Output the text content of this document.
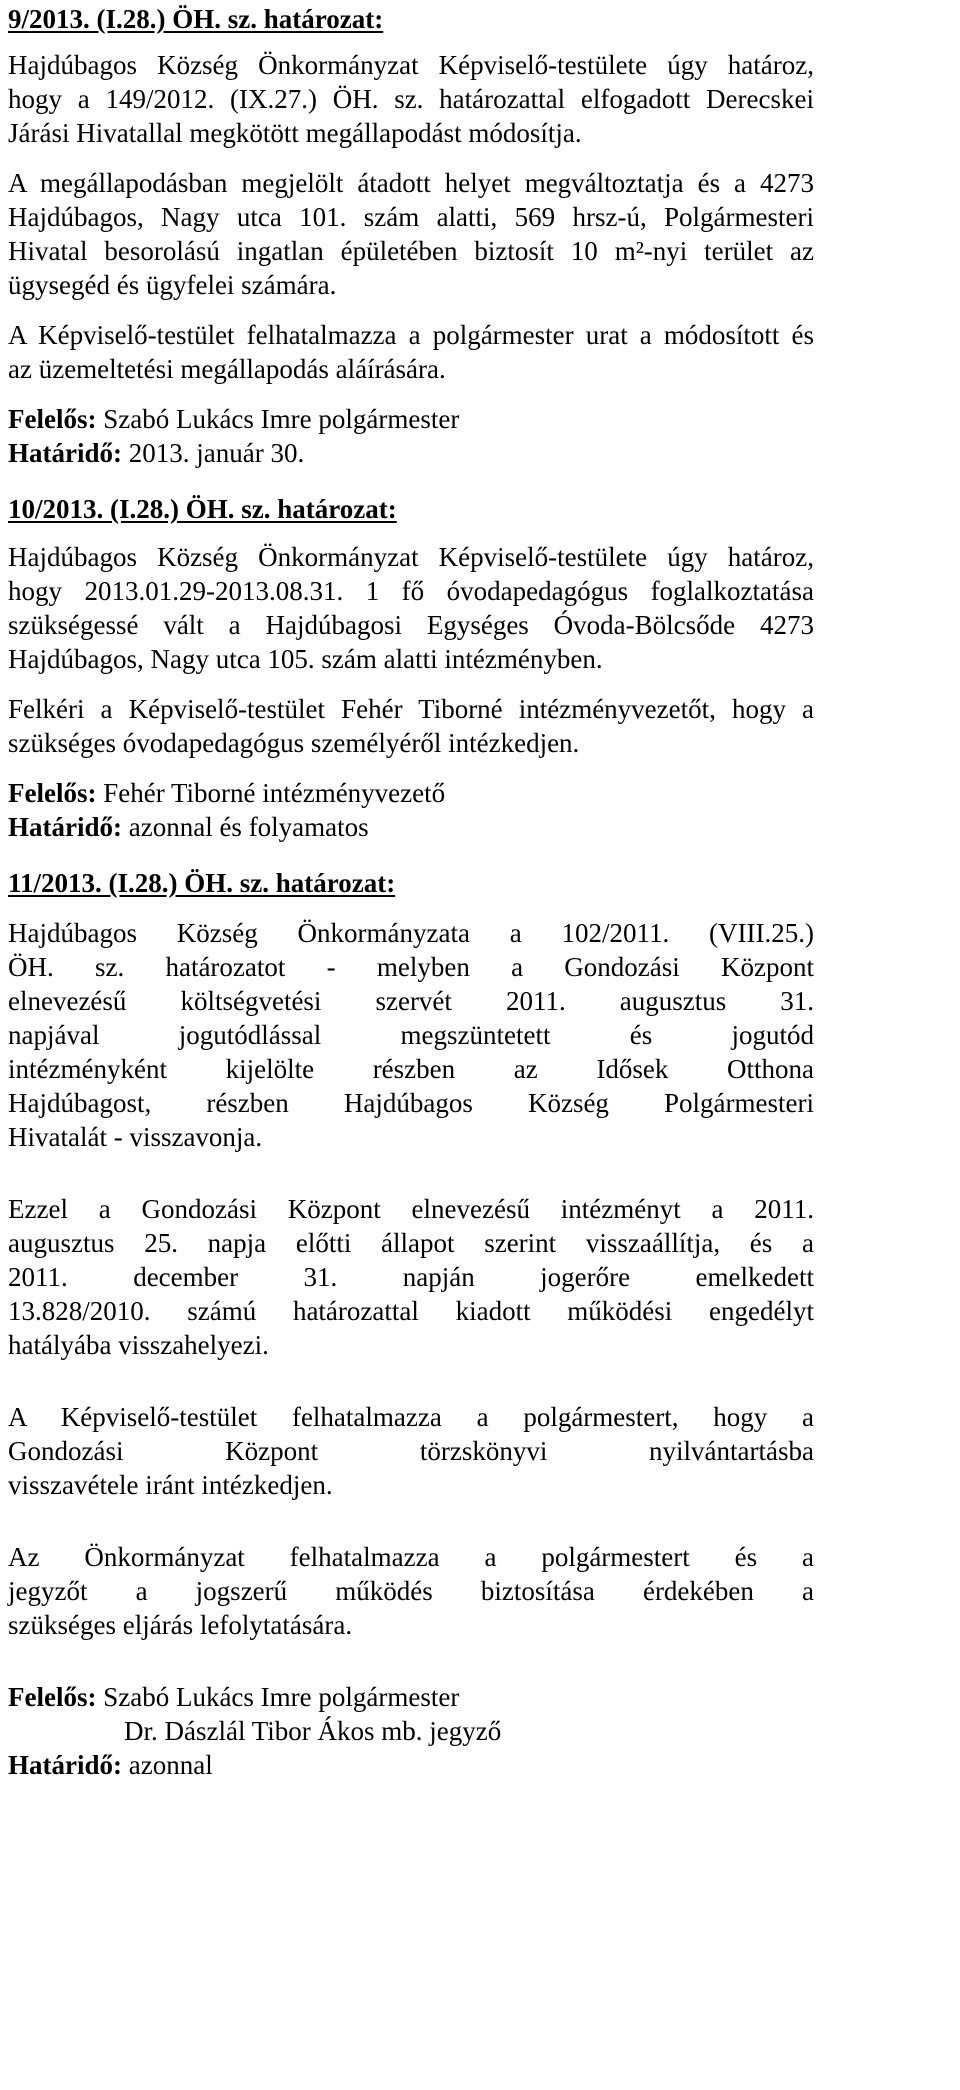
9/2013. (I.28.) ÖH. sz. határozat:

Hajdúbagos Község Önkormányzat Képviselő-testülete úgy határoz,
hogy a 149/2012. (IX.27.) ÖH. sz. határozattal elfogadott Derecskei
Járási Hivatallal megkötött megállapodást módosítja.

A megállapodásban megjelölt átadott helyet megváltoztatja és a 4273
Hajdúbagos, Nagy utca 101. szám alatti, 569 hrsz-ú, Polgármesteri
Hivatal besorolású ingatlan épületében biztosít 10 m²-nyi terület az
ügysegéd és ügyfelei számára.

A Képviselő-testület felhatalmazza a polgármester urat a módosított és
az üzemeltetési megállapodás aláírására.

Felelős: Szabó Lukács Imre polgármester

Határidő: 2013. január 30.

10/2013. (I.28.) ÖH. sz. határozat:

Hajdúbagos Község Önkormányzat Képviselő-testülete úgy határoz,
hogy 2013.01.29-2013.08.31. 1 fő óvodapedagógus foglalkoztatása
szükségessé vált a Hajdúbagosi Egységes Óvoda-Bölcsőde 4273
Hajdúbagos, Nagy utca 105. szám alatti intézményben.

Felkéri a Képviselő-testület Fehér Tiborné intézményvezetőt, hogy a
szükséges óvodapedagógus személyéről intézkedjen.

Felelős: Fehér Tiborné intézményvezető

Határidő: azonnal és folyamatos

11/2013. (I.28.) ÖH. sz. határozat:

Hajdúbagos Község Önkormányzata a 102/2011. (VIII.25.)
ÖH. sz. határozatot - melyben a Gondozási Központ
elnevezésű költségvetési szervét 2011. augusztus 31.
napjával jogutódlással megszüntetett és jogutód
intézményként kijelölte részben az Idősek Otthona
Hajdúbagost, részben Hajdúbagos Község Polgármesteri
Hivatalát - visszavonja.

Ezzel a Gondozási Központ elnevezésű intézményt a 2011.
augusztus 25. napja előtti állapot szerint visszaállítja, és a
2011. december 31. napján jogerőre emelkedett
13.828/2010. számú határozattal kiadott működési engedélyt
hatályába visszahelyezi.

A Képviselő-testület felhatalmazza a polgármestert, hogy a
Gondozási Központ törzskönyvi nyilvántartásba
visszavétele iránt intézkedjen.

Az Önkormányzat felhatalmazza a polgármestert és a
jegyzőt a jogszerű működés biztosítása érdekében a
szükséges eljárás lefolytatására.

Felelős: Szabó Lukács Imre polgármester

Dr. Dászlál Tibor Ákos mb. jegyző

Határidő: azonnal
